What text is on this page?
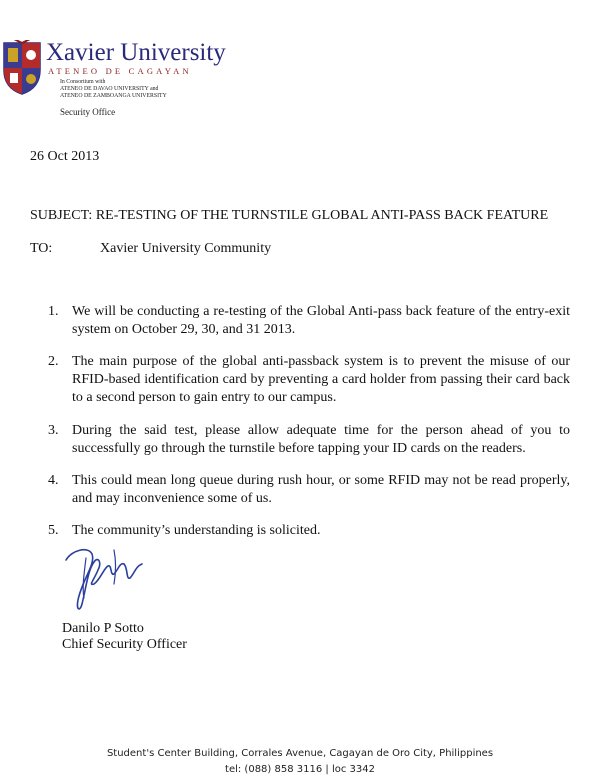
Xavier University
ATENEO DE CAGAYAN
In Consortium with
ATENEO DE DAVAO UNIVERSITY and
ATENEO DE ZAMBOANGA UNIVERSITY
Security Office
26 Oct 2013
SUBJECT: RE-TESTING OF THE TURNSTILE GLOBAL ANTI-PASS BACK FEATURE
TO:	Xavier University Community
1. We will be conducting a re-testing of the Global Anti-pass back feature of the entry-exit system on October 29, 30, and 31 2013.
2. The main purpose of the global anti-passback system is to prevent the misuse of our RFID-based identification card by preventing a card holder from passing their card back to a second person to gain entry to our campus.
3. During the said test, please allow adequate time for the person ahead of you to successfully go through the turnstile before tapping your ID cards on the readers.
4. This could mean long queue during rush hour, or some RFID may not be read properly, and may inconvenience some of us.
5. The community’s understanding is solicited.
Danilo P Sotto
Chief Security Officer
Student's Center Building, Corrales Avenue, Cagayan de Oro City, Philippines
tel: (088) 858 3116 | loc 3342
